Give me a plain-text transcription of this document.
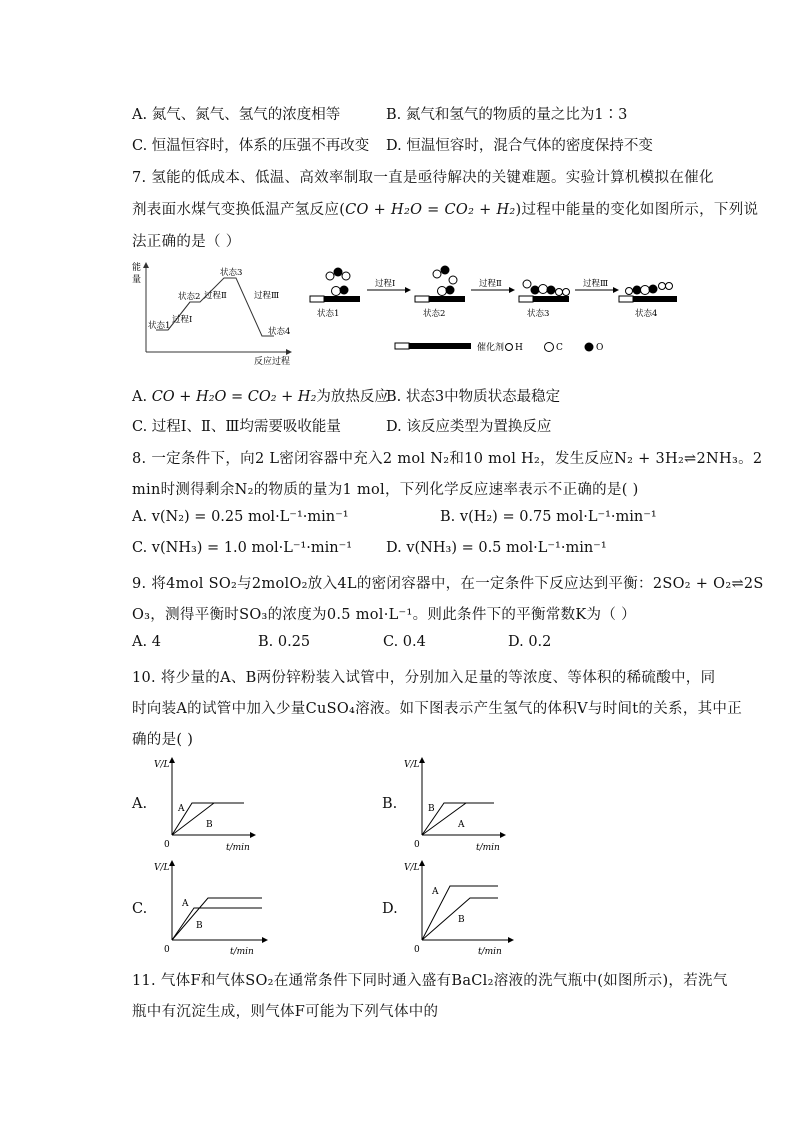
A. 氮气、氮气、氢气的浓度相等	B. 氮气和氢气的物质的量之比为1∶3
C. 恒温恒容时，体系的压强不再改变 D. 恒温恒容时，混合气体的密度保持不变
7. 氢能的低成本、低温、高效率制取一直是亟待解决的关键难题。实验计算机模拟在催化
剂表面水煤气变换低温产氢反应(CO + H₂O = CO₂ + H₂)过程中能量的变化如图所示，下列说
法正确的是（ ）
能
量
反应过程
状态1
状态2
状态3
状态4
过程Ⅰ
过程Ⅱ	过程Ⅲ
状态1
过程Ⅰ
状态2
过程Ⅱ
状态3
过程Ⅲ
状态4
催化剂 H	C	O
A. CO + H₂O = CO₂ + H₂为放热反应
B. 状态3中物质状态最稳定
C. 过程Ⅰ、Ⅱ、Ⅲ均需要吸收能量	D. 该反应类型为置换反应
8. 一定条件下，向2 L密闭容器中充入2 mol N₂和10 mol H₂，发生反应N₂ + 3H₂⇌2NH₃。2
min时测得剩余N₂的物质的量为1 mol，下列化学反应速率表示不正确的是( )
A. v(N₂) = 0.25 mol·L⁻¹·min⁻¹	B. v(H₂) = 0.75 mol·L⁻¹·min⁻¹
C. v(NH₃) = 1.0 mol·L⁻¹·min⁻¹ D. v(NH₃) = 0.5 mol·L⁻¹·min⁻¹
9. 将4mol SO₂与2molO₂放入4L的密闭容器中，在一定条件下反应达到平衡：2SO₂ + O₂⇌2S
O₃，测得平衡时SO₃的浓度为0.5 mol·L⁻¹。则此条件下的平衡常数K为（ ）
A. 4	B. 0.25	C. 0.4	D. 0.2
10. 将少量的A、B两份锌粉装入试管中，分别加入足量的等浓度、等体积的稀硫酸中，同
时向装A的试管中加入少量CuSO₄溶液。如下图表示产生氢气的体积V与时间t的关系，其中正
确的是( )
A.	B.
C.	D.
V/L
0	t/min
A
B
V/L
0	t/min
B
A
V/L
0	t/min
A
B
V/L
0	t/min
A
B
11. 气体F和气体SO₂在通常条件下同时通入盛有BaCl₂溶液的洗气瓶中(如图所示)，若洗气
瓶中有沉淀生成，则气体F可能为下列气体中的
